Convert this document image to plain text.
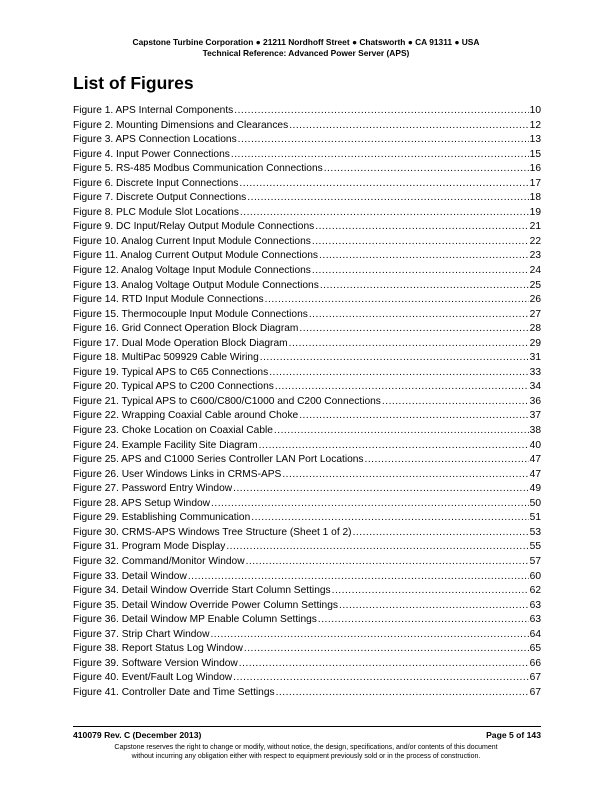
Capstone Turbine Corporation ● 21211 Nordhoff Street ● Chatsworth ● CA 91311 ● USA
Technical Reference: Advanced Power Server (APS)
List of Figures
Figure 1. APS Internal Components .....	10
Figure 2. Mounting Dimensions and Clearances .....	12
Figure 3. APS Connection Locations .....	13
Figure 4. Input Power Connections .....	15
Figure 5. RS-485 Modbus Communication Connections .....	16
Figure 6. Discrete Input Connections .....	17
Figure 7. Discrete Output Connections .....	18
Figure 8. PLC Module Slot Locations .....	19
Figure 9. DC Input/Relay Output Module Connections .....	21
Figure 10. Analog Current Input Module Connections .....	22
Figure 11. Analog Current Output Module Connections .....	23
Figure 12. Analog Voltage Input Module Connections .....	24
Figure 13. Analog Voltage Output Module Connections .....	25
Figure 14. RTD Input Module Connections .....	26
Figure 15. Thermocouple Input Module Connections .....	27
Figure 16. Grid Connect Operation Block Diagram .....	28
Figure 17. Dual Mode Operation Block Diagram .....	29
Figure 18. MultiPac 509929 Cable Wiring .....	31
Figure 19. Typical APS to C65 Connections .....	33
Figure 20. Typical APS to C200 Connections .....	34
Figure 21. Typical APS to C600/C800/C1000 and C200 Connections .....	36
Figure 22. Wrapping Coaxial Cable around Choke .....	37
Figure 23. Choke Location on Coaxial Cable .....	38
Figure 24. Example Facility Site Diagram .....	40
Figure 25. APS and C1000 Series Controller LAN Port Locations .....	47
Figure 26. User Windows Links in CRMS-APS .....	47
Figure 27. Password Entry Window .....	49
Figure 28. APS Setup Window .....	50
Figure 29. Establishing Communication .....	51
Figure 30. CRMS-APS Windows Tree Structure (Sheet 1 of 2) .....	53
Figure 31. Program Mode Display .....	55
Figure 32. Command/Monitor Window .....	57
Figure 33. Detail Window .....	60
Figure 34. Detail Window Override Start Column Settings .....	62
Figure 35. Detail Window Override Power Column Settings .....	63
Figure 36. Detail Window MP Enable Column Settings .....	63
Figure 37. Strip Chart Window .....	64
Figure 38. Report Status Log Window .....	65
Figure 39. Software Version Window .....	66
Figure 40. Event/Fault Log Window .....	67
Figure 41. Controller Date and Time Settings .....	67
410079 Rev. C (December 2013)	Page 5 of 143
Capstone reserves the right to change or modify, without notice, the design, specifications, and/or contents of this document
without incurring any obligation either with respect to equipment previously sold or in the process of construction.
